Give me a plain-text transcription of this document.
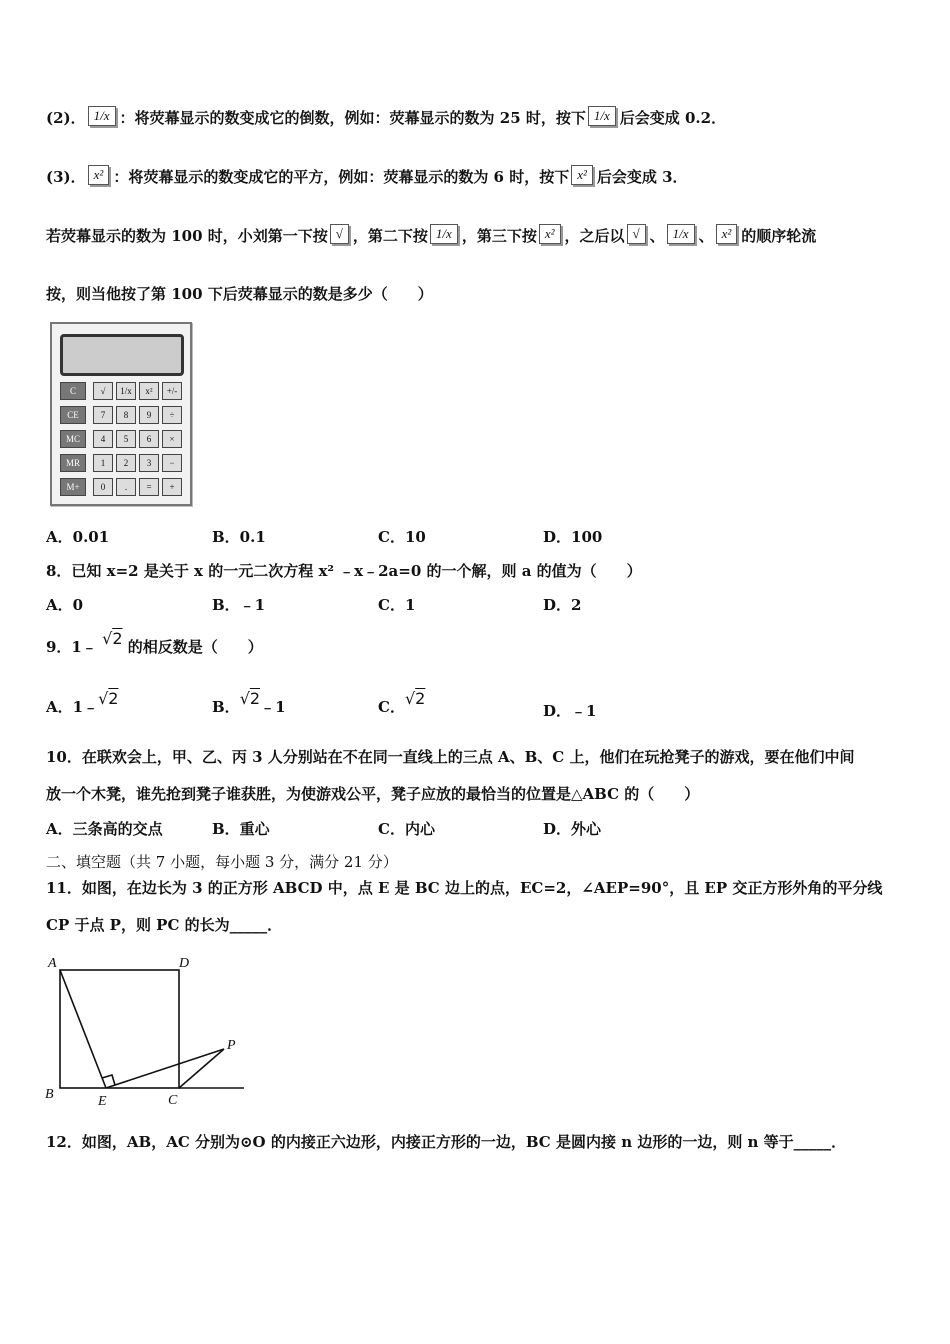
(2)． 1/x ：将荧幕显示的数变成它的倒数，例如：荧幕显示的数为 25 时，按下 1/x 后会变成 0.2．
(3)． x² ：将荧幕显示的数变成它的平方，例如：荧幕显示的数为 6 时，按下 x² 后会变成 3．
若荧幕显示的数为 100 时，小刘第一下按 √ ，第二下按 1/x ，第三下按 x² ，之后以 √ 、 1/x 、 x² 的顺序轮流
按，则当他按了第 100 下后荧幕显示的数是多少（　　）
C	√	1/x	x²	+/-
CE	7	8	9	÷
MC	4	5	6	×
MR	1	2	3	−
M+	0	.	=	+
A．0.01	B．0.1	C．10	D．100
8．已知 x=2 是关于 x 的一元二次方程 x² ﹣x﹣2a=0 的一个解，则 a 的值为（　　）
A．0	B．﹣1	C．1	D．2
9．1﹣ √2 的相反数是（　　）
A．1﹣√2	B．√2﹣1	C．√2
D．﹣1
10．在联欢会上，甲、乙、丙 3 人分别站在不在同一直线上的三点 A、B、C 上，他们在玩抢凳子的游戏，要在他们中间
放一个木凳，谁先抢到凳子谁获胜，为使游戏公平，凳子应放的最恰当的位置是△ABC 的（　　）
A．三条高的交点	B．重心	C．内心	D．外心
二、填空题（共 7 小题，每小题 3 分，满分 21 分）
11．如图，在边长为 3 的正方形 ABCD 中，点 E 是 BC 边上的点，EC=2，∠AEP=90°，且 EP 交正方形外角的平分线
CP 于点 P，则 PC 的长为_____．
A	D
B	E	C
P
12．如图，AB，AC 分别为⊙O 的内接正六边形，内接正方形的一边，BC 是圆内接 n 边形的一边，则 n 等于_____．
